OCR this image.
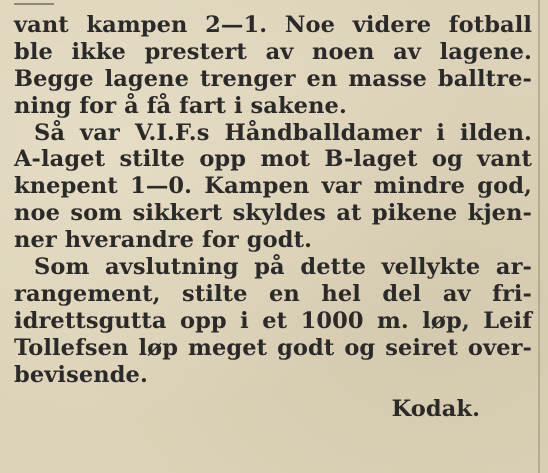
vant kampen 2—1. Noe videre fotball
ble ikke prestert av noen av lagene.
Begge lagene trenger en masse balltre-
ning for å få fart i sakene.
Så var V.I.F.s Håndballdamer i ilden.
A-laget stilte opp mot B-laget og vant
knepent 1—0. Kampen var mindre god,
noe som sikkert skyldes at pikene kjen-
ner hverandre for godt.
Som avslutning på dette vellykte ar-
rangement, stilte en hel del av fri-
idrettsgutta opp i et 1000 m. løp, Leif
Tollefsen løp meget godt og seiret over-
bevisende.
Kodak.
